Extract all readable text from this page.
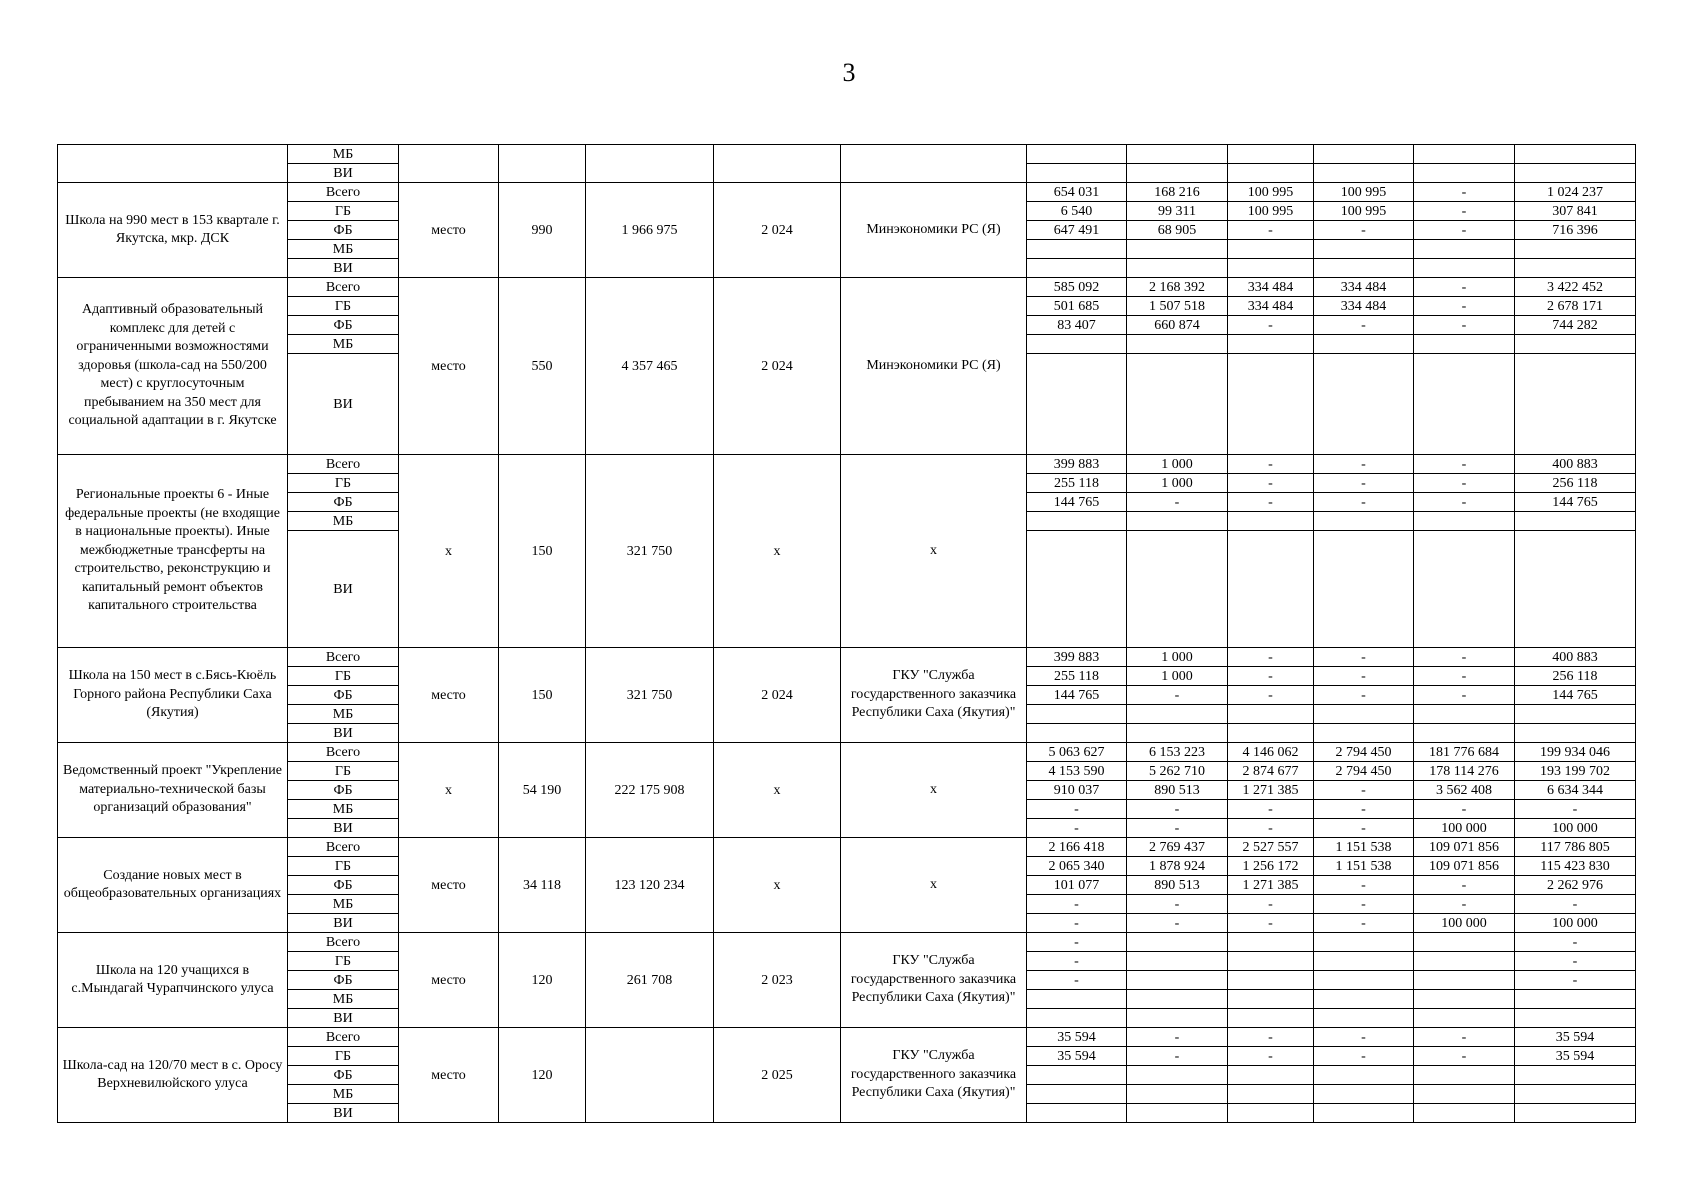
3
	МБ											
	ВИ											
Школа на 990 мест в 153 квартале г. Якутска, мкр. ДСК	Всего	место	990	1 966 975	2 024	Минэкономики РС (Я)	654 031	168 216	100 995	100 995	-	1 024 237
	ГБ						6 540	99 311	100 995	100 995	-	307 841
	ФБ						647 491	68 905	-	-	-	716 396
	МБ											
	ВИ											
Адаптивный образовательный комплекс для детей с ограниченными возможностями здоровья (школа-сад на 550/200 мест) с круглосуточным пребыванием на 350 мест для социальной адаптации в г. Якутске	Всего	место	550	4 357 465	2 024	Минэкономики РС (Я)	585 092	2 168 392	334 484	334 484	-	3 422 452
	ГБ						501 685	1 507 518	334 484	334 484	-	2 678 171
	ФБ						83 407	660 874	-	-	-	744 282
	МБ											
	ВИ											
Региональные проекты 6 - Иные федеральные проекты (не входящие в национальные проекты). Иные межбюджетные трансферты на строительство, реконструкцию и капитальный ремонт объектов капитального строительства	Всего	х	150	321 750	х	х	399 883	1 000	-	-	-	400 883
	ГБ						255 118	1 000	-	-	-	256 118
	ФБ						144 765	-	-	-	-	144 765
	МБ											
	ВИ											
Школа на 150 мест в с.Бясь-Кюёль Горного района Республики Саха (Якутия)	Всего	место	150	321 750	2 024	ГКУ "Служба государственного заказчика Республики Саха (Якутия)"	399 883	1 000	-	-	-	400 883
	ГБ						255 118	1 000	-	-	-	256 118
	ФБ						144 765	-	-	-	-	144 765
	МБ											
	ВИ											
Ведомственный проект "Укрепление материально-технической базы организаций образования"	Всего	х	54 190	222 175 908	х	х	5 063 627	6 153 223	4 146 062	2 794 450	181 776 684	199 934 046
	ГБ						4 153 590	5 262 710	2 874 677	2 794 450	178 114 276	193 199 702
	ФБ						910 037	890 513	1 271 385	-	3 562 408	6 634 344
	МБ						-	-	-	-	-	-
	ВИ						-	-	-	-	100 000	100 000
Создание новых мест в общеобразовательных организациях	Всего	место	34 118	123 120 234	х	х	2 166 418	2 769 437	2 527 557	1 151 538	109 071 856	117 786 805
	ГБ						2 065 340	1 878 924	1 256 172	1 151 538	109 071 856	115 423 830
	ФБ						101 077	890 513	1 271 385	-	-	2 262 976
	МБ						-	-	-	-	-	-
	ВИ						-	-	-	-	100 000	100 000
Школа на 120 учащихся в с.Мындагай Чурапчинского улуса	Всего	место	120	261 708	2 023	ГКУ "Служба государственного заказчика Республики Саха (Якутия)"	-					-
	ГБ						-					-
	ФБ						-					-
	МБ											
	ВИ											
Школа-сад на 120/70 мест в с. Оросу Верхневилюйского улуса	Всего	место	120		2 025	ГКУ "Служба государственного заказчика Республики Саха (Якутия)"	35 594	-	-	-	-	35 594
	ГБ						35 594	-	-	-	-	35 594
	ФБ											
	МБ											
	ВИ											
